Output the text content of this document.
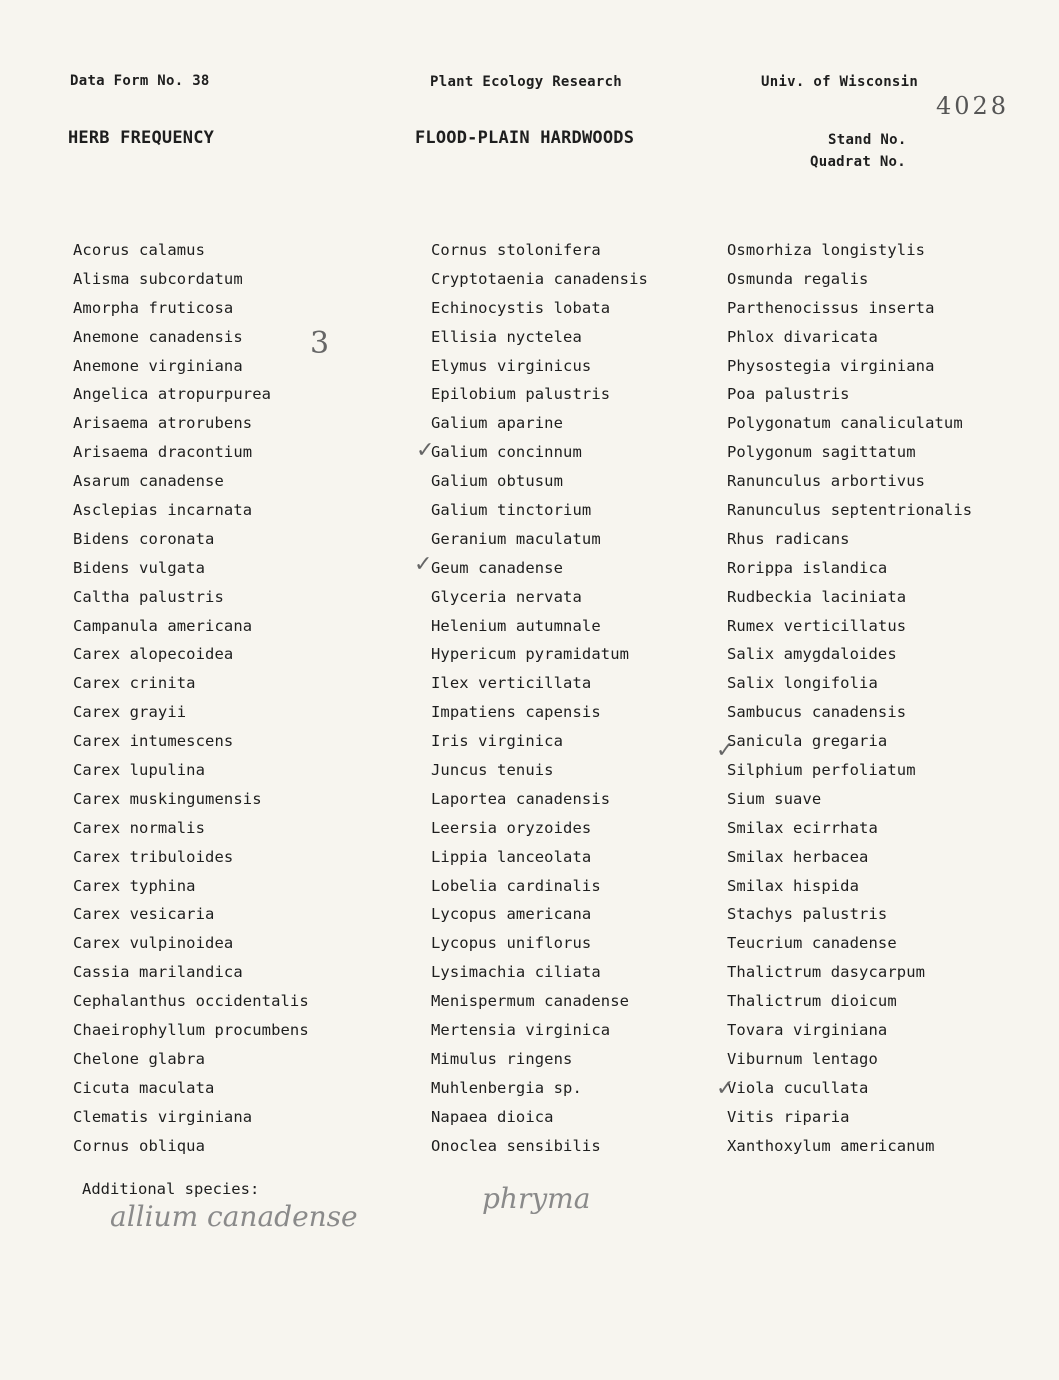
Data Form No. 38	Plant Ecology Research	Univ. of Wisconsin
4028
HERB FREQUENCY	FLOOD-PLAIN HARDWOODS	Stand No.
Quadrat No.
Acorus calamus
Alisma subcordatum
Amorpha fruticosa
Anemone canadensis
Anemone virginiana
Angelica atropurpurea
Arisaema atrorubens
Arisaema dracontium
Asarum canadense
Asclepias incarnata
Bidens coronata
Bidens vulgata
Caltha palustris
Campanula americana
Carex alopecoidea
Carex crinita
Carex grayii
Carex intumescens
Carex lupulina
Carex muskingumensis
Carex normalis
Carex tribuloides
Carex typhina
Carex vesicaria
Carex vulpinoidea
Cassia marilandica
Cephalanthus occidentalis
Chaeirophyllum procumbens
Chelone glabra
Cicuta maculata
Clematis virginiana
Cornus obliqua
Cornus stolonifera
Cryptotaenia canadensis
Echinocystis lobata
Ellisia nyctelea
Elymus virginicus
Epilobium palustris
Galium aparine
Galium concinnum
Galium obtusum
Galium tinctorium
Geranium maculatum
Geum canadense
Glyceria nervata
Helenium autumnale
Hypericum pyramidatum
Ilex verticillata
Impatiens capensis
Iris virginica
Juncus tenuis
Laportea canadensis
Leersia oryzoides
Lippia lanceolata
Lobelia cardinalis
Lycopus americana
Lycopus uniflorus
Lysimachia ciliata
Menispermum canadense
Mertensia virginica
Mimulus ringens
Muhlenbergia sp.
Napaea dioica
Onoclea sensibilis
Osmorhiza longistylis
Osmunda regalis
Parthenocissus inserta
Phlox divaricata
Physostegia virginiana
Poa palustris
Polygonatum canaliculatum
Polygonum sagittatum
Ranunculus arbortivus
Ranunculus septentrionalis
Rhus radicans
Rorippa islandica
Rudbeckia laciniata
Rumex verticillatus
Salix amygdaloides
Salix longifolia
Sambucus canadensis
Sanicula gregaria
Silphium perfoliatum
Sium suave
Smilax ecirrhata
Smilax herbacea
Smilax hispida
Stachys palustris
Teucrium canadense
Thalictrum dasycarpum
Thalictrum dioicum
Tovara virginiana
Viburnum lentago
Viola cucullata
Vitis riparia
Xanthoxylum americanum
3
✓
✓
✓
✓
Additional species:
allium canadense
phryma
